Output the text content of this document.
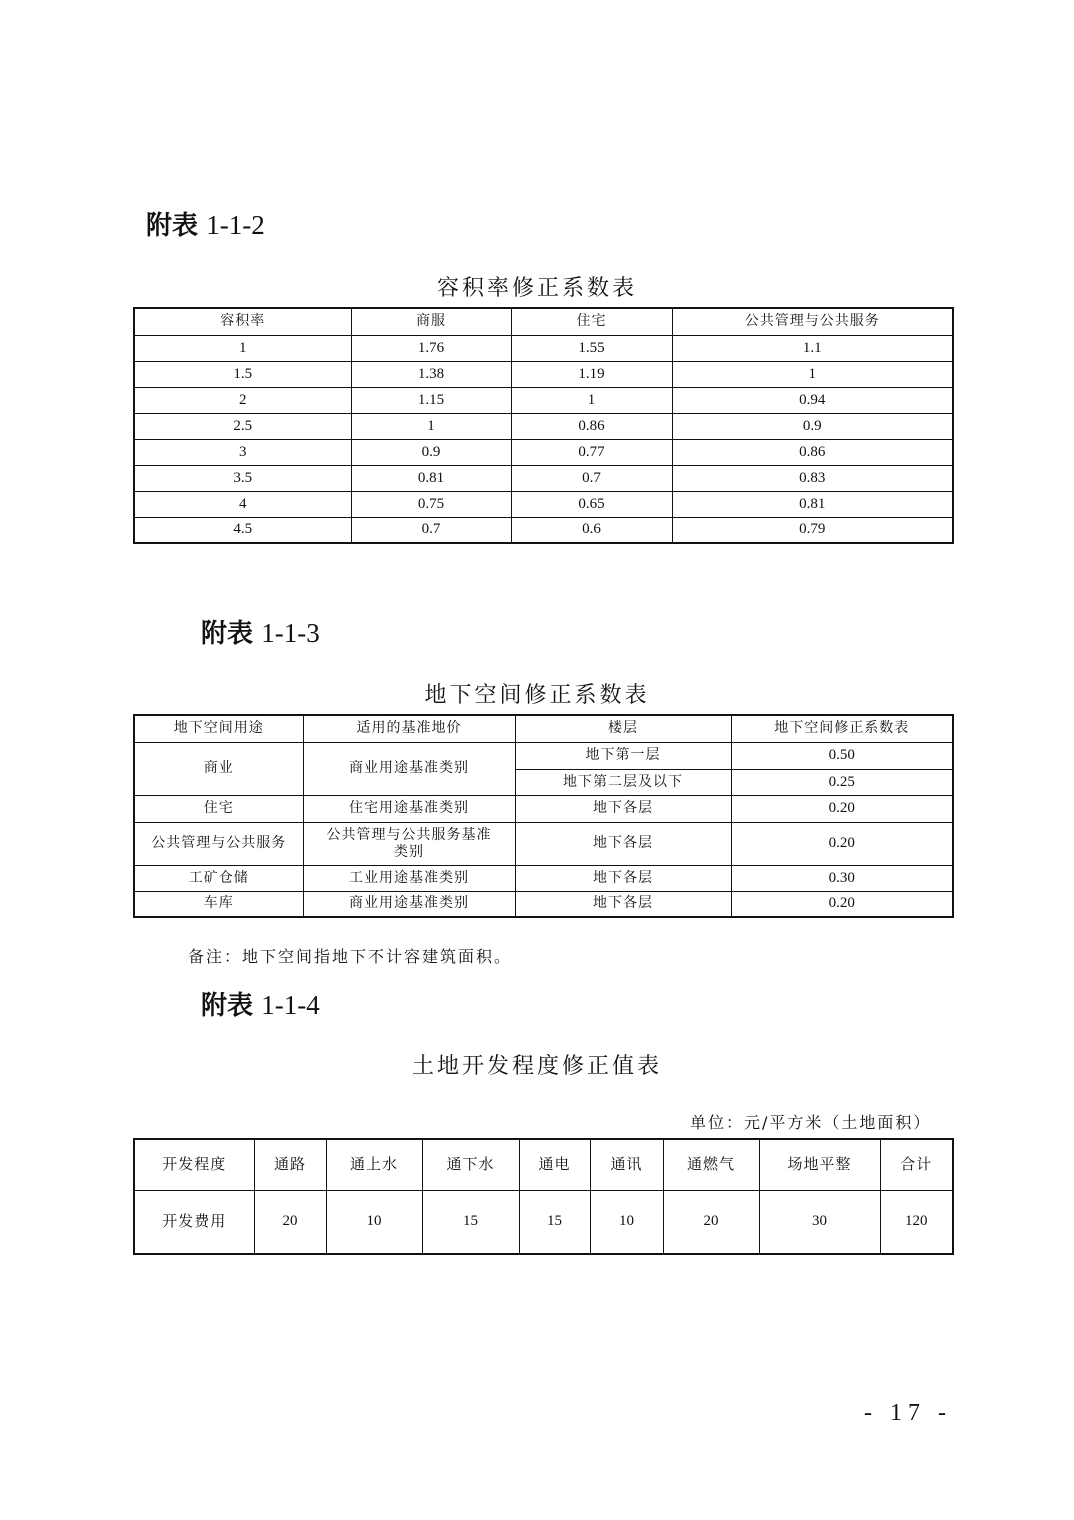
附表 1-1-2
容积率修正系数表
容积率	商服	住宅	公共管理与公共服务
1	1.76	1.55	1.1
1.5	1.38	1.19	1
2	1.15	1	0.94
2.5	1	0.86	0.9
3	0.9	0.77	0.86
3.5	0.81	0.7	0.83
4	0.75	0.65	0.81
4.5	0.7	0.6	0.79
附表 1-1-3
地下空间修正系数表
地下空间用途	适用的基准地价	楼层	地下空间修正系数表
商业	商业用途基准类别	地下第一层	0.50
		地下第二层及以下	0.25
住宅	住宅用途基准类别	地下各层	0.20
公共管理与公共服务	公共管理与公共服务基准类别	地下各层	0.20
工矿仓储	工业用途基准类别	地下各层	0.30
车库	商业用途基准类别	地下各层	0.20

备注：地下空间指地下不计容建筑面积。

附表 1-1-4
土地开发程度修正值表

单位：元/平方米（土地面积）

开发程度	通路	通上水	通下水	通电	通讯	通燃气	场地平整	合计
开发费用	20	10	15	15	10	20	30	120

- 17 -
